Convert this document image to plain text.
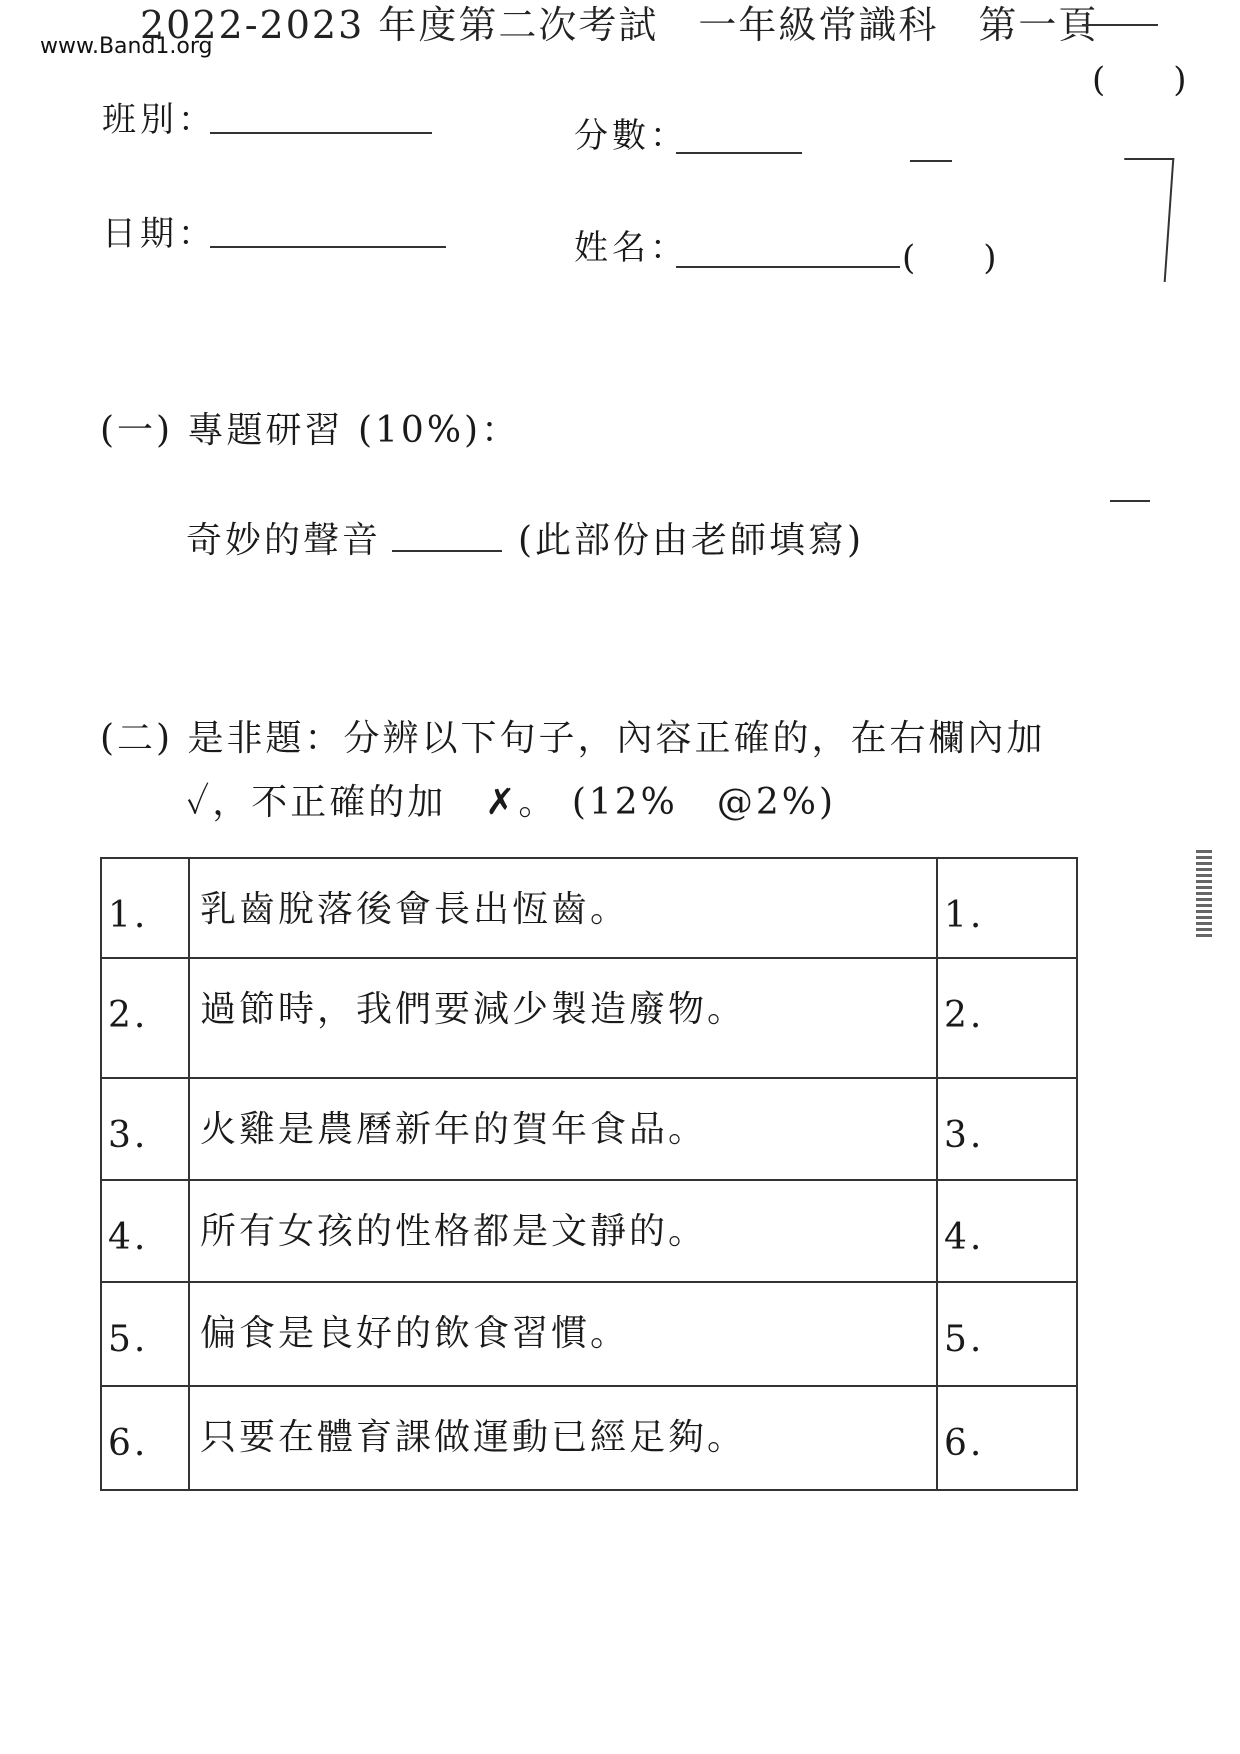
www.Band1.org
2022-2023 年度第二次考試　一年級常識科　第一頁
(　　)
班別：	分數：
日期：	姓名：	(　　)
(一) 專題研習 (10%)：
奇妙的聲音	(此部份由老師填寫)
(二) 是非題：分辨以下句子，內容正確的，在右欄內加
✓，不正確的加　✗。 (12%　@2%)
1.	乳齒脫落後會長出恆齒。	1.

2.	過節時，我們要減少製造廢物。	2.

3.	火雞是農曆新年的賀年食品。	3.

4.	所有女孩的性格都是文靜的。	4.

5.	偏食是良好的飲食習慣。	5.

6.	只要在體育課做運動已經足夠。	6.
